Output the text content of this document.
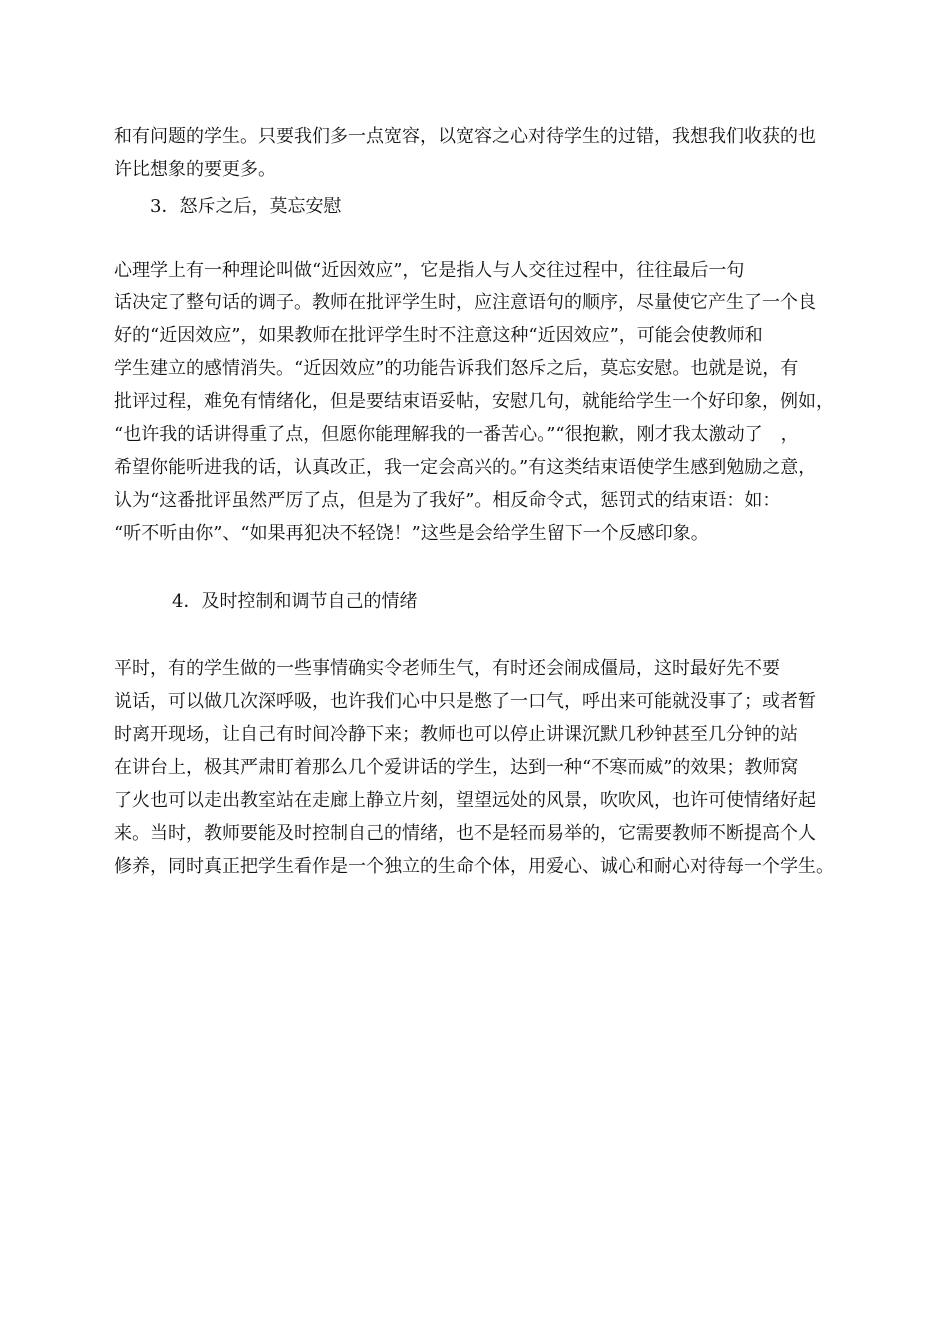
和有问题的学生。只要我们多一点宽容，以宽容之心对待学生的过错，我想我们收获的也
许比想象的要更多。
3．怒斥之后，莫忘安慰
心理学上有一种理论叫做“近因效应”，它是指人与人交往过程中，往往最后一句
话决定了整句话的调子。教师在批评学生时，应注意语句的顺序，尽量使它产生了一个良
好的“近因效应”，如果教师在批评学生时不注意这种“近因效应”，可能会使教师和
学生建立的感情消失。“近因效应”的功能告诉我们怒斥之后，莫忘安慰。也就是说，有
批评过程，难免有情绪化，但是要结束语妥帖，安慰几句，就能给学生一个好印象，例如，
“也许我的话讲得重了点，但愿你能理解我的一番苦心。”“很抱歉，刚才我太激动了　，
希望你能听进我的话，认真改正，我一定会高兴的。”有这类结束语使学生感到勉励之意，
认为“这番批评虽然严厉了点，但是为了我好”。相反命令式，惩罚式的结束语：如：
“听不听由你”、“如果再犯决不轻饶！”这些是会给学生留下一个反感印象。
4．及时控制和调节自己的情绪
平时，有的学生做的一些事情确实令老师生气，有时还会闹成僵局，这时最好先不要
说话，可以做几次深呼吸，也许我们心中只是憋了一口气，呼出来可能就没事了；或者暂
时离开现场，让自己有时间冷静下来；教师也可以停止讲课沉默几秒钟甚至几分钟的站
在讲台上，极其严肃盯着那么几个爱讲话的学生，达到一种“不寒而威”的效果；教师窝
了火也可以走出教室站在走廊上静立片刻，望望远处的风景，吹吹风，也许可使情绪好起
来。当时，教师要能及时控制自己的情绪，也不是轻而易举的，它需要教师不断提高个人
修养，同时真正把学生看作是一个独立的生命个体，用爱心、诚心和耐心对待每一个学生。
